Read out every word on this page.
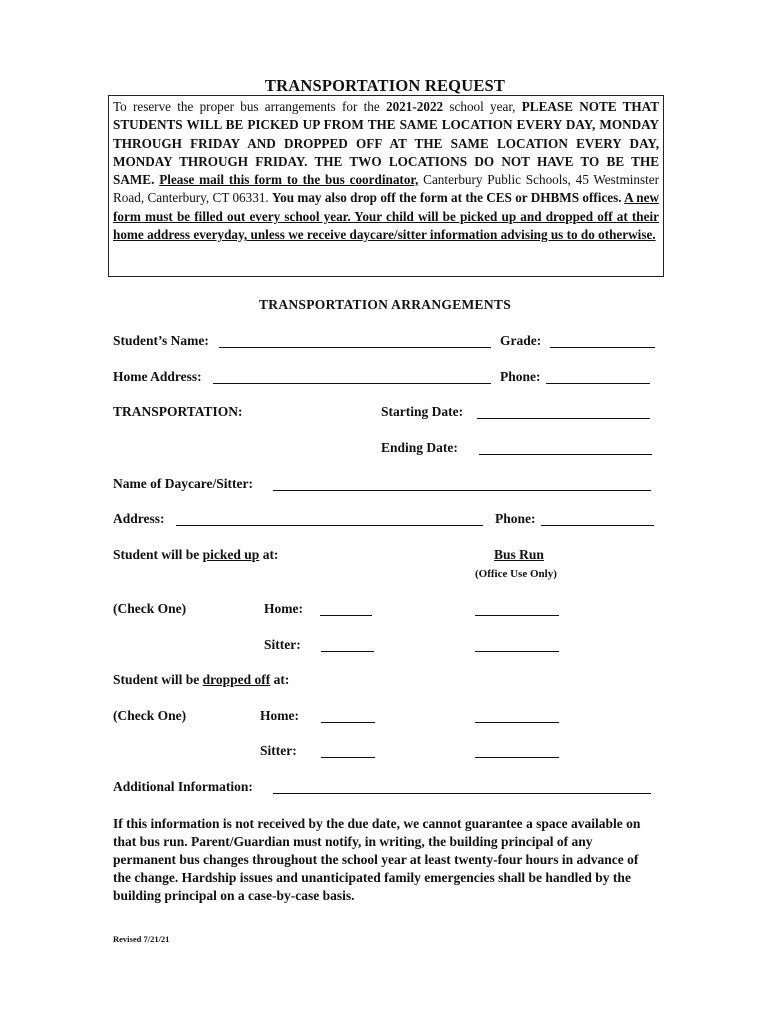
TRANSPORTATION REQUEST
To reserve the proper bus arrangements for the 2021-2022 school year, PLEASE NOTE THAT STUDENTS WILL BE PICKED UP FROM THE SAME LOCATION EVERY DAY, MONDAY THROUGH FRIDAY AND DROPPED OFF AT THE SAME LOCATION EVERY DAY, MONDAY THROUGH FRIDAY. THE TWO LOCATIONS DO NOT HAVE TO BE THE SAME. Please mail this form to the bus coordinator, Canterbury Public Schools, 45 Westminster Road, Canterbury, CT 06331. You may also drop off the form at the CES or DHBMS offices. A new form must be filled out every school year. Your child will be picked up and dropped off at their home address everyday, unless we receive daycare/sitter information advising us to do otherwise.
TRANSPORTATION ARRANGEMENTS
Student’s Name:	Grade:
Home Address:	Phone:
TRANSPORTATION:	Starting Date:
Ending Date:
Name of Daycare/Sitter:
Address:	Phone:
Student will be picked up at:	Bus Run
(Office Use Only)
(Check One)	Home:
Sitter:
Student will be dropped off at:
(Check One)	Home:
Sitter:
Additional Information:
If this information is not received by the due date, we cannot guarantee a space available on that bus run. Parent/Guardian must notify, in writing, the building principal of any permanent bus changes throughout the school year at least twenty-four hours in advance of the change. Hardship issues and unanticipated family emergencies shall be handled by the building principal on a case-by-case basis.
Revised 7/21/21
